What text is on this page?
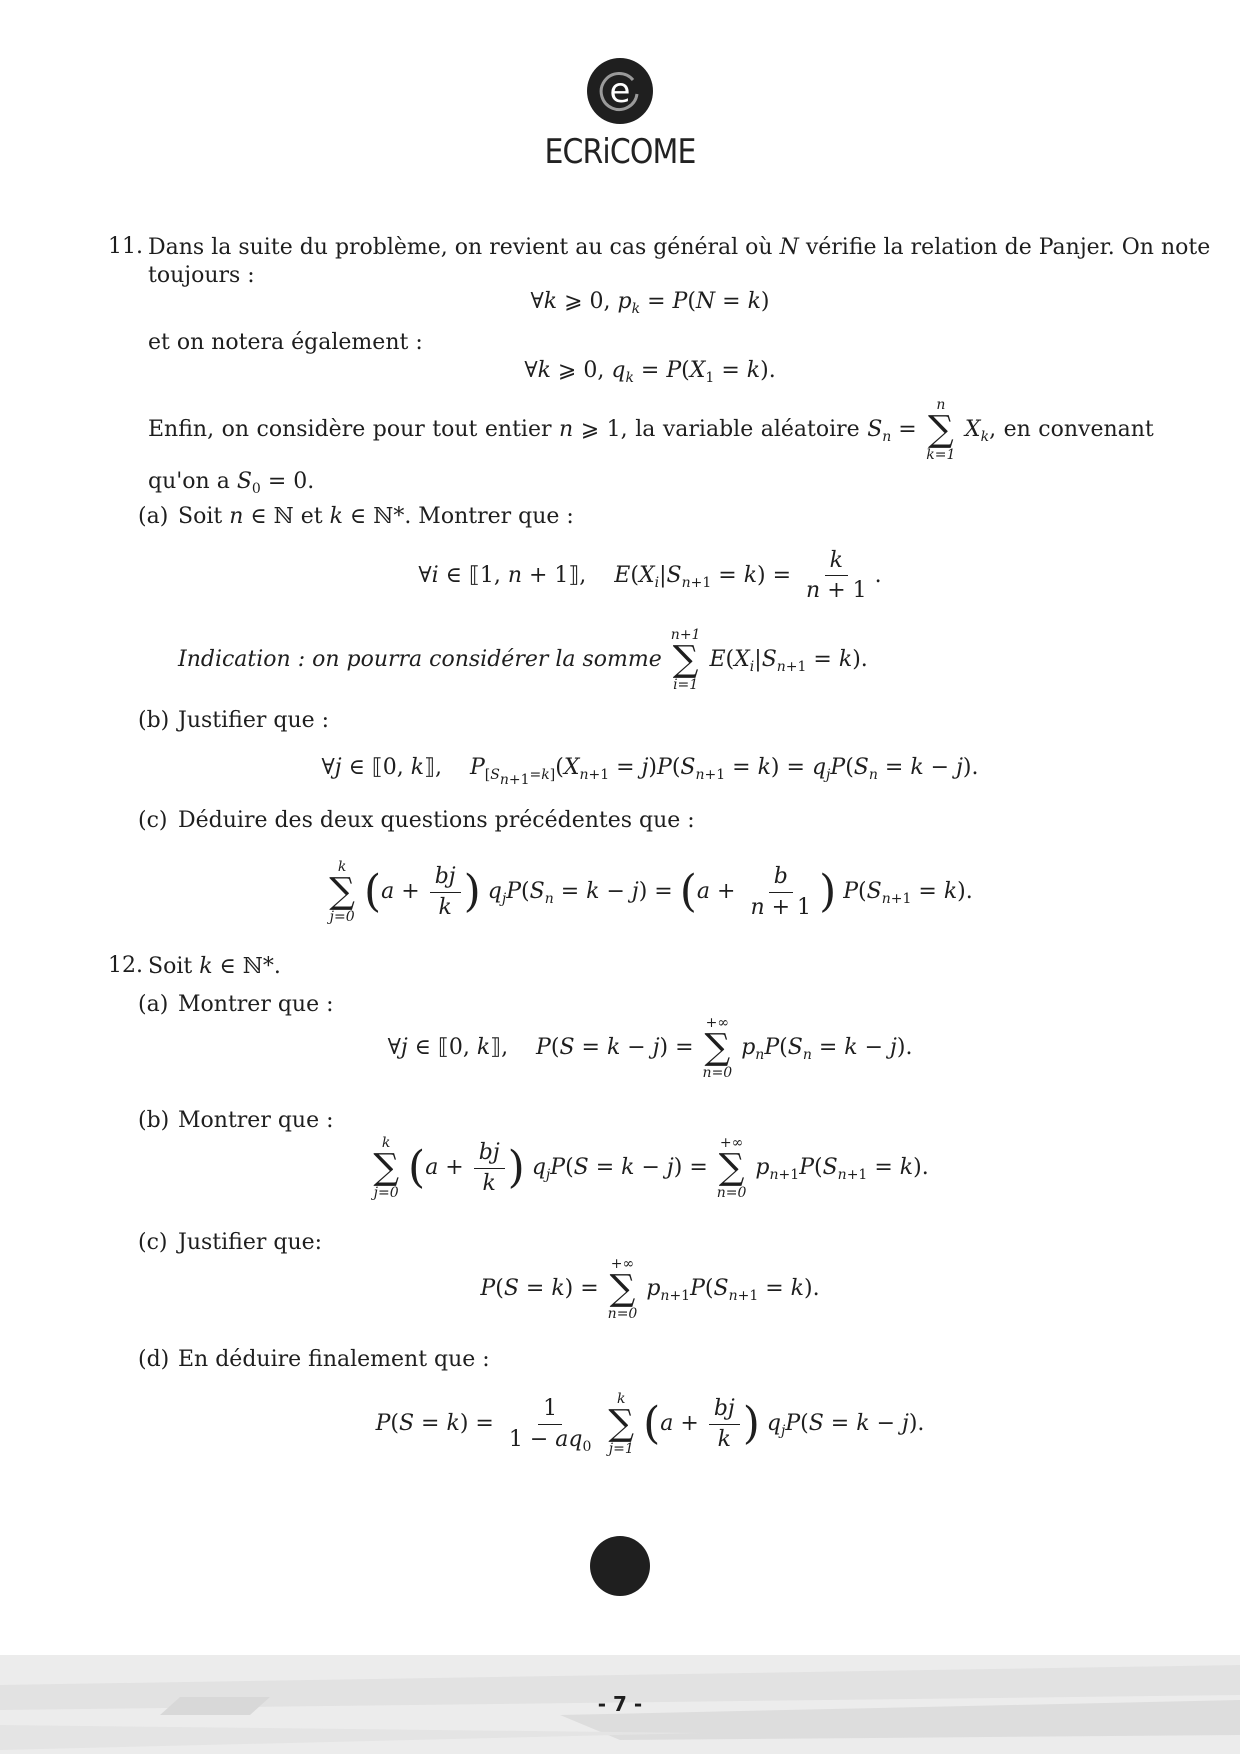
e
ECRiCOME
11. Dans la suite du problème, on revient au cas général où N vérifie la relation de Panjer. On note
toujours :
∀k ⩾ 0, $p_k = P(N = k)$
et on notera également :
∀k ⩾ 0, $q_k = P(X_1 = k)$.
Enfin, on considère pour tout entier n ⩾ 1, la variable aléatoire $S_n$ =
n
∑
k=1
$X_k$, en convenant
qu'on a $S_0 = 0$.
(a) Soit n ∈ ℕ et k ∈ ℕ*. Montrer que :
∀i ∈ ⟦1, n + 1⟧,    $E(X_i|S_{n+1} = k) = \frac{k}{n + 1}$ .
Indication : on pourra considérer la somme
n+1
∑
i=1
$E(X_i|S_{n+1} = k)$.
(b) Justifier que :
∀j ∈ ⟦0, k⟧,    $P_{[S_{n+1}=k]}(X_{n+1} = j)P(S_{n+1} = k) = q_jP(S_n = k - j)$.
(c) Déduire des deux questions précédentes que :
k
∑
j=0 ($a + \frac{bj}{k}$ ) $q_jP(S_n = k - j) = (a + \frac{b}{n + 1}$ ) $P(S_{n+1} = k)$.
12. Soit k ∈ ℕ*.
(a) Montrer que :
∀j ∈ ⟦0, k⟧,    P(S = k − j) =
+∞
∑
n=0
$p_nP(S_n = k - j)$.
(b) Montrer que :
k
∑
j=0 ($a + \frac{bj}{k}$ ) $q_jP(S = k - j)$ =
+∞
∑
n=0
$p_{n+1}P(S_{n+1} = k)$.
(c) Justifier que:
P(S = k) =
+∞
∑
n=0
$p_{n+1}P(S_{n+1} = k)$.
(d) En déduire finalement que :
$P(S = k) = \frac{1}{1 - aq_0}$
k
∑
j=1 ($a + \frac{bj}{k}$ ) $q_jP(S = k - j)$.
- 7 -
